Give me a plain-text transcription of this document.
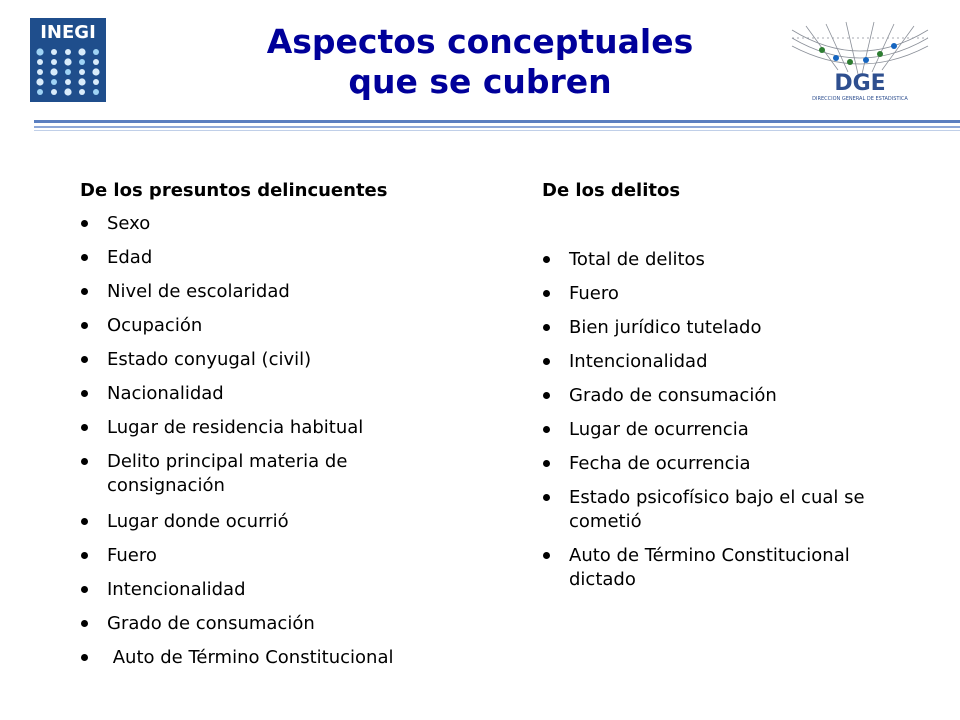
INEGI	Aspectos conceptuales
que se cubren	DGE
DIRECCION GENERAL DE ESTADISTICA
De los presuntos delincuentes
Sexo
Edad
Nivel de escolaridad
Ocupación
Estado conyugal (civil)
Nacionalidad
Lugar de residencia habitual
Delito principal materia de consignación
Lugar donde ocurrió
Fuero
Intencionalidad
Grado de consumación
Auto de Término Constitucional
De los delitos
Total de delitos
Fuero
Bien jurídico tutelado
Intencionalidad
Grado de consumación
Lugar de ocurrencia
Fecha de ocurrencia
Estado psicofísico bajo el cual se cometió
Auto de Término Constitucional dictado
